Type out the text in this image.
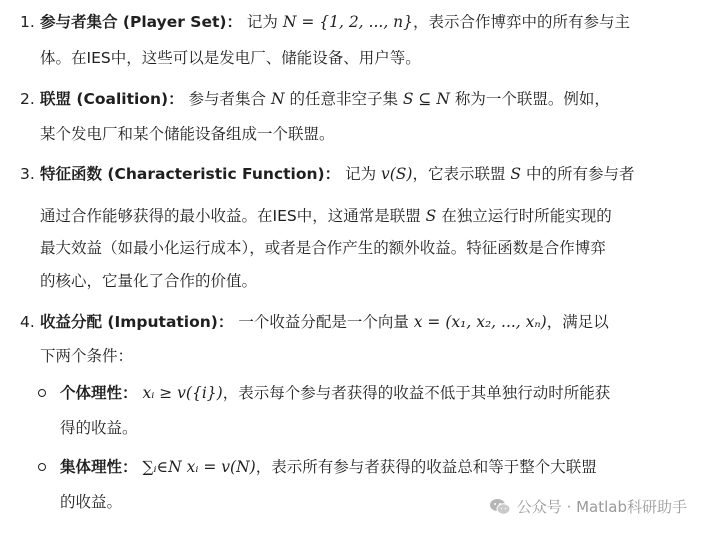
1. 参与者集合 (Player Set)： 记为 N = {1, 2, ..., n}，表示合作博弈中的所有参与主
体。在IES中，这些可以是发电厂、储能设备、用户等。
2. 联盟 (Coalition)： 参与者集合 N 的任意非空子集 S ⊆ N 称为一个联盟。例如，
某个发电厂和某个储能设备组成一个联盟。
3. 特征函数 (Characteristic Function)： 记为 v(S)，它表示联盟 S 中的所有参与者
通过合作能够获得的最小收益。在IES中，这通常是联盟 S 在独立运行时所能实现的
最大效益（如最小化运行成本），或者是合作产生的额外收益。特征函数是合作博弈
的核心，它量化了合作的价值。
4. 收益分配 (Imputation)： 一个收益分配是一个向量 x = (x₁, x₂, ..., xₙ)，满足以
下两个条件：
个体理性： xᵢ ≥ v({i})，表示每个参与者获得的收益不低于其单独行动时所能获
得的收益。
集体理性： ∑ᵢ∈N xᵢ = v(N)，表示所有参与者获得的收益总和等于整个大联盟
的收益。	公众号 · Matlab科研助手
